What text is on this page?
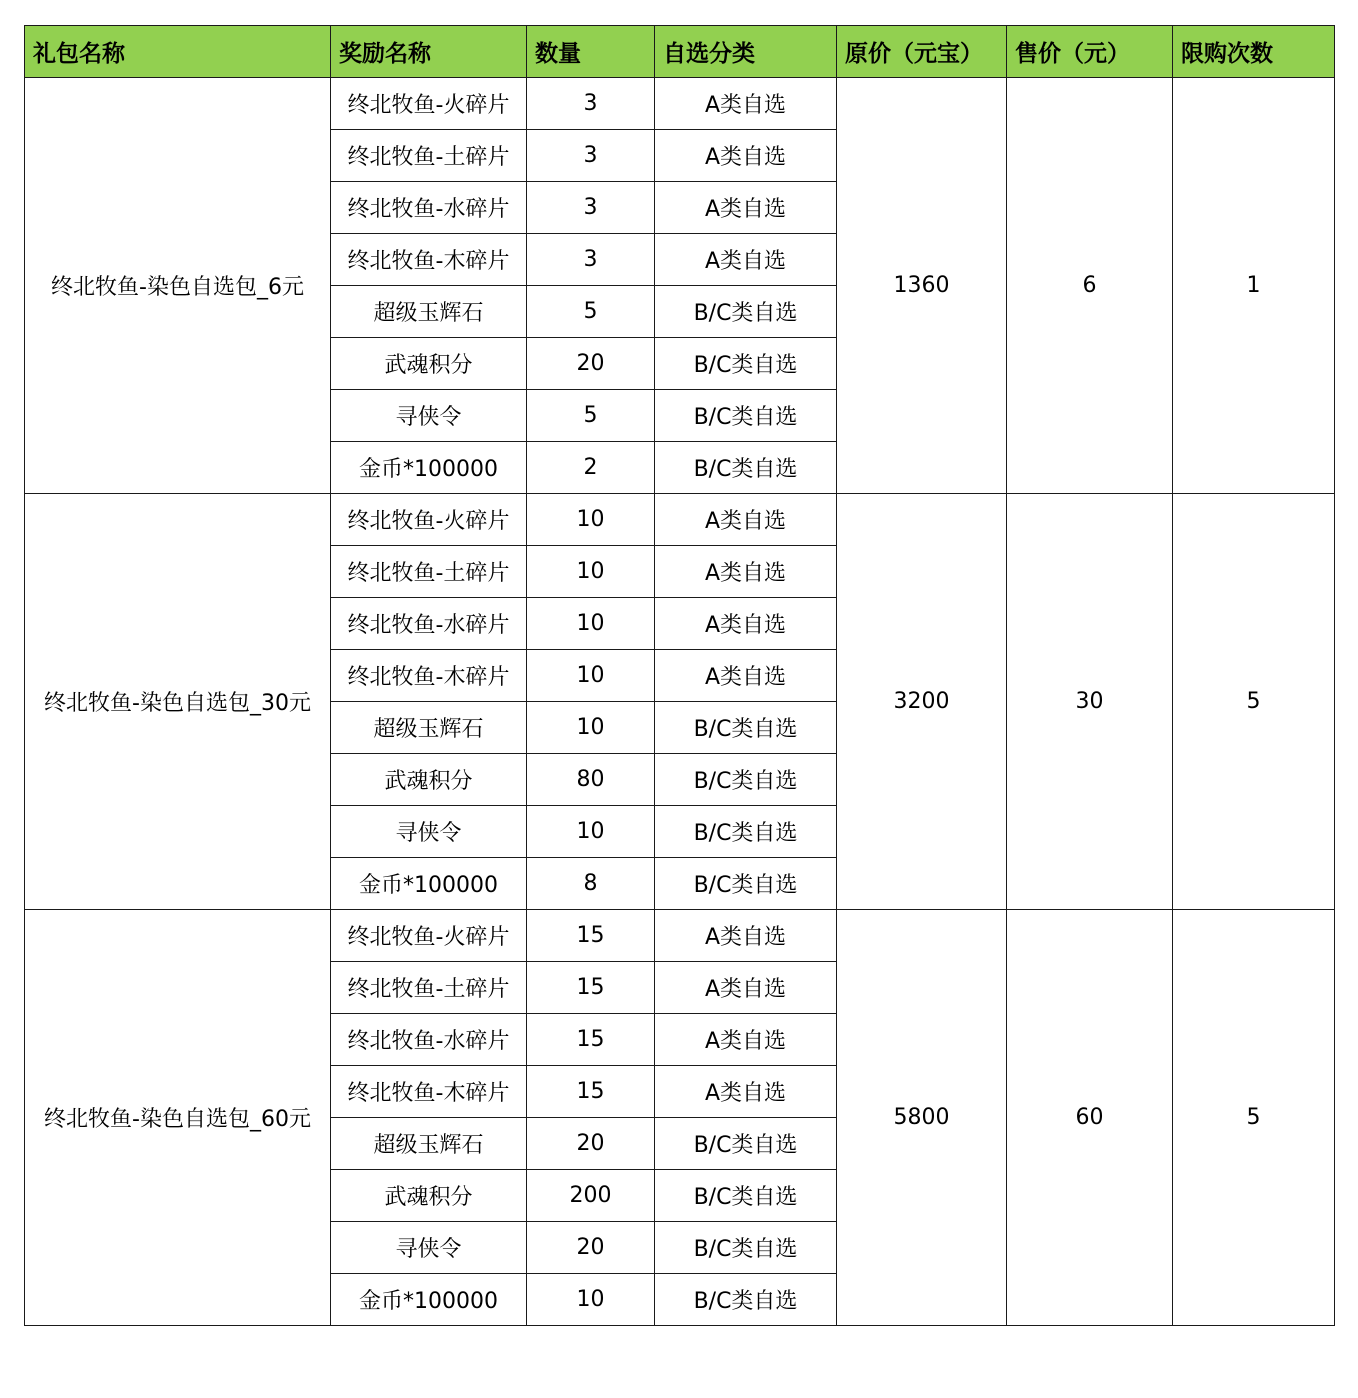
礼包名称	奖励名称	数量	自选分类	原价（元宝）	售价（元）	限购次数
终北牧鱼-染色自选包_6元	终北牧鱼-火碎片	3	A类自选	1360	6	1
	终北牧鱼-土碎片	3	A类自选			
	终北牧鱼-水碎片	3	A类自选			
	终北牧鱼-木碎片	3	A类自选			
	超级玉辉石	5	B/C类自选			
	武魂积分	20	B/C类自选			
	寻侠令	5	B/C类自选			
	金币*100000	2	B/C类自选			
终北牧鱼-染色自选包_30元	终北牧鱼-火碎片	10	A类自选	3200	30	5
	终北牧鱼-土碎片	10	A类自选			
	终北牧鱼-水碎片	10	A类自选			
	终北牧鱼-木碎片	10	A类自选			
	超级玉辉石	10	B/C类自选			
	武魂积分	80	B/C类自选			
	寻侠令	10	B/C类自选			
	金币*100000	8	B/C类自选			
终北牧鱼-染色自选包_60元	终北牧鱼-火碎片	15	A类自选	5800	60	5
	终北牧鱼-土碎片	15	A类自选			
	终北牧鱼-水碎片	15	A类自选			
	终北牧鱼-木碎片	15	A类自选			
	超级玉辉石	20	B/C类自选			
	武魂积分	200	B/C类自选			
	寻侠令	20	B/C类自选			
	金币*100000	10	B/C类自选			
